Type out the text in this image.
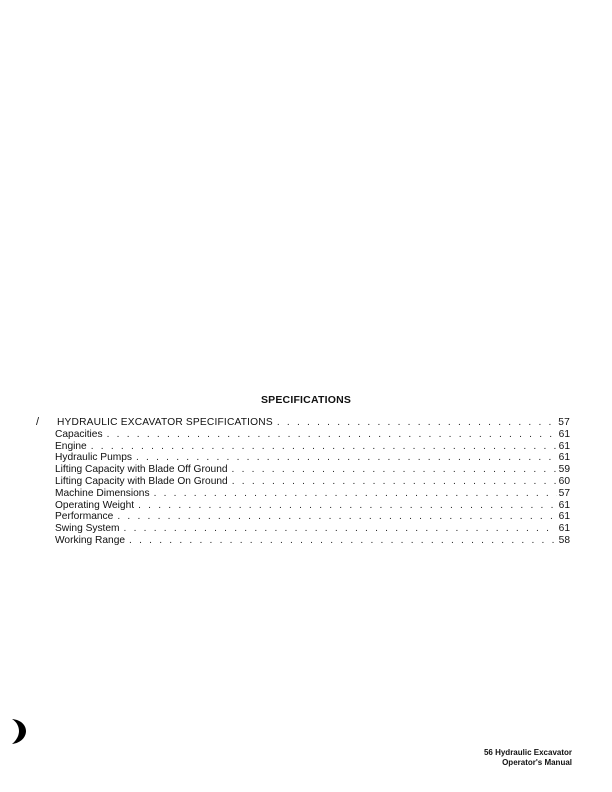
SPECIFICATIONS
/ HYDRAULIC EXCAVATOR SPECIFICATIONS . . .	57
Capacities . . .	61
Engine . . .	61
Hydraulic Pumps . . .	61
Lifting Capacity with Blade Off Ground . . .	59
Lifting Capacity with Blade On Ground . . .	60
Machine Dimensions . . .	57
Operating Weight . . .	61
Performance . . .	61
Swing System . . .	61
Working Range . . .	58
56 Hydraulic Excavator
Operator's Manual
